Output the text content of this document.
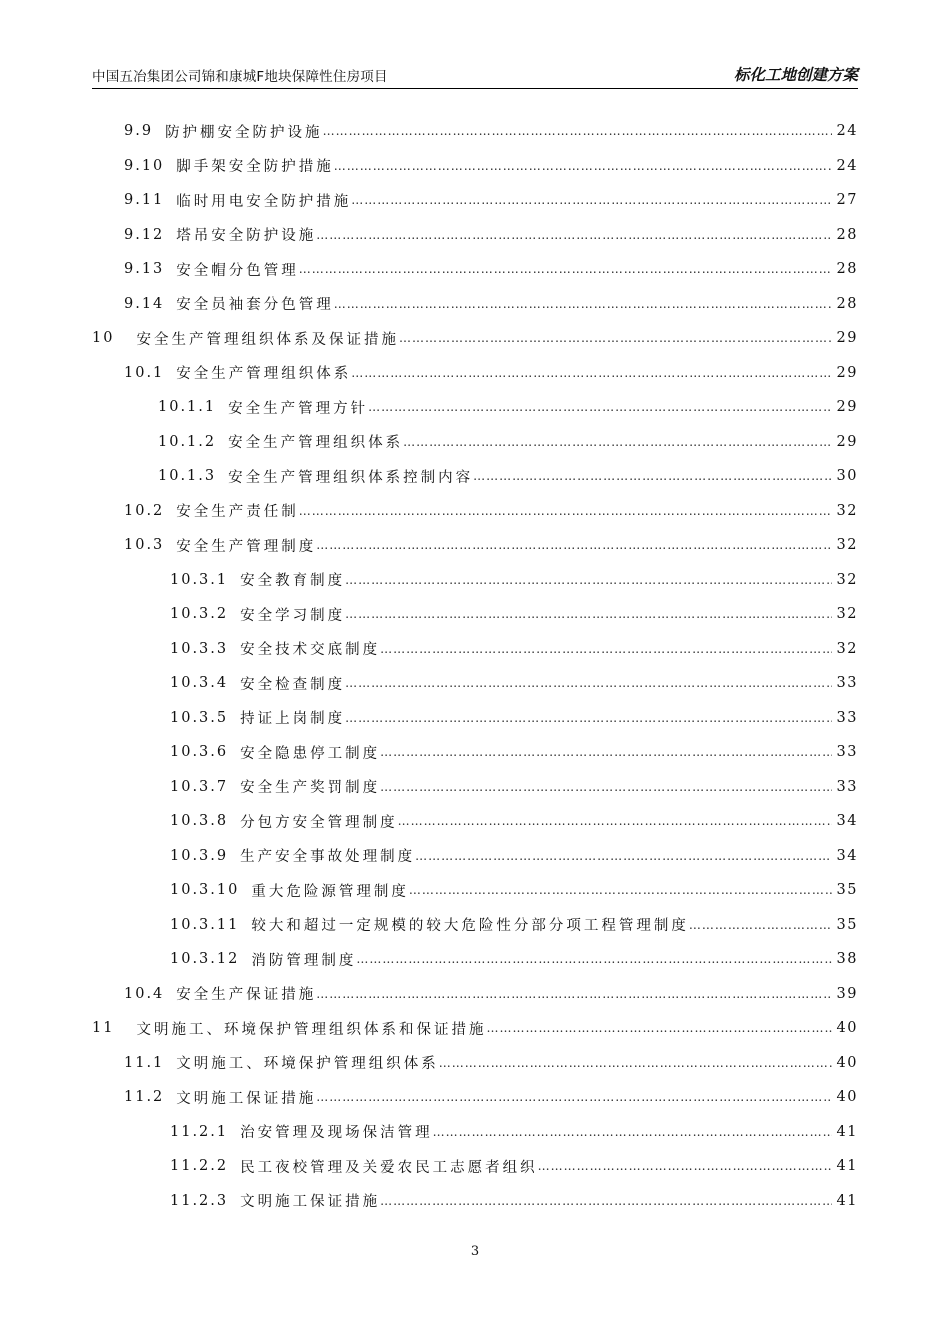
中国五冶集团公司锦和康城F地块保障性住房项目	标化工地创建方案
9.9 防护棚安全防护设施 …………………………………………………………………………………………………………………………………………………………………	24
9.10 脚手架安全防护措施 …………………………………………………………………………………………………………………………………………………………………	24
9.11 临时用电安全防护措施 …………………………………………………………………………………………………………………………………………………………………	27
9.12 塔吊安全防护设施 …………………………………………………………………………………………………………………………………………………………………	28
9.13 安全帽分色管理 …………………………………………………………………………………………………………………………………………………………………	28
9.14 安全员袖套分色管理 …………………………………………………………………………………………………………………………………………………………………	28
10 安全生产管理组织体系及保证措施 …………………………………………………………………………………………………………………………………………………………………	29
10.1 安全生产管理组织体系 …………………………………………………………………………………………………………………………………………………………………	29
10.1.1 安全生产管理方针 …………………………………………………………………………………………………………………………………………………………………	29
10.1.2 安全生产管理组织体系 …………………………………………………………………………………………………………………………………………………………………	29
10.1.3 安全生产管理组织体系控制内容 …………………………………………………………………………………………………………………………………………………………………	30
10.2 安全生产责任制 …………………………………………………………………………………………………………………………………………………………………	32
10.3 安全生产管理制度 …………………………………………………………………………………………………………………………………………………………………	32
10.3.1 安全教育制度 …………………………………………………………………………………………………………………………………………………………………	32
10.3.2 安全学习制度 …………………………………………………………………………………………………………………………………………………………………	32
10.3.3 安全技术交底制度 …………………………………………………………………………………………………………………………………………………………………	32
10.3.4 安全检查制度 …………………………………………………………………………………………………………………………………………………………………	33
10.3.5 持证上岗制度 …………………………………………………………………………………………………………………………………………………………………	33
10.3.6 安全隐患停工制度 …………………………………………………………………………………………………………………………………………………………………	33
10.3.7 安全生产奖罚制度 …………………………………………………………………………………………………………………………………………………………………	33
10.3.8 分包方安全管理制度 …………………………………………………………………………………………………………………………………………………………………	34
10.3.9 生产安全事故处理制度 …………………………………………………………………………………………………………………………………………………………………	34
10.3.10 重大危险源管理制度 …………………………………………………………………………………………………………………………………………………………………	35
10.3.11 较大和超过一定规模的较大危险性分部分项工程管理制度 …………………………………………………………………………………………………………………………………………………………………	35
10.3.12 消防管理制度 …………………………………………………………………………………………………………………………………………………………………	38
10.4 安全生产保证措施 …………………………………………………………………………………………………………………………………………………………………	39
11 文明施工、环境保护管理组织体系和保证措施 …………………………………………………………………………………………………………………………………………………………………	40
11.1 文明施工、环境保护管理组织体系 …………………………………………………………………………………………………………………………………………………………………	40
11.2 文明施工保证措施 …………………………………………………………………………………………………………………………………………………………………	40
11.2.1 治安管理及现场保洁管理 …………………………………………………………………………………………………………………………………………………………………	41
11.2.2 民工夜校管理及关爱农民工志愿者组织 …………………………………………………………………………………………………………………………………………………………………	41
11.2.3 文明施工保证措施 …………………………………………………………………………………………………………………………………………………………………	41
3
